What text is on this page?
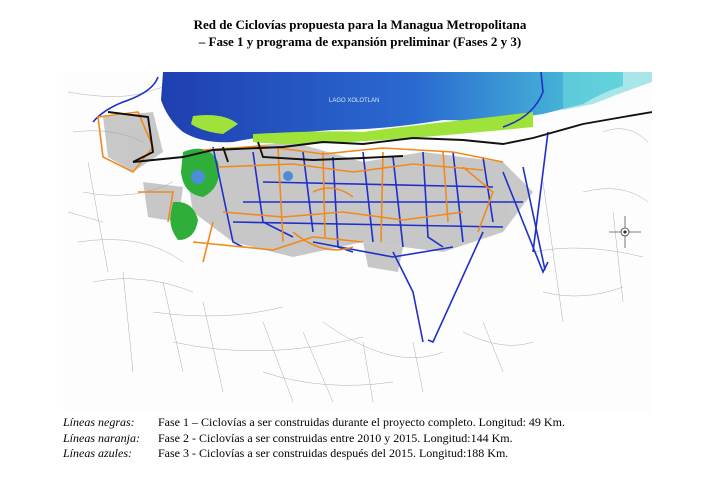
Red de Ciclovías propuesta para la Managua Metropolitana
– Fase 1 y programa de expansión preliminar (Fases 2 y 3)
LAGO XOLOTLAN
Líneas negras:	Fase 1 – Ciclovías a ser construidas durante el proyecto completo. Longitud: 49 Km.
Líneas naranja:	Fase 2 - Ciclovías a ser construidas entre 2010 y 2015. Longitud:144 Km.
Líneas azules:	Fase 3 - Ciclovías a ser construidas después del 2015. Longitud:188 Km.
